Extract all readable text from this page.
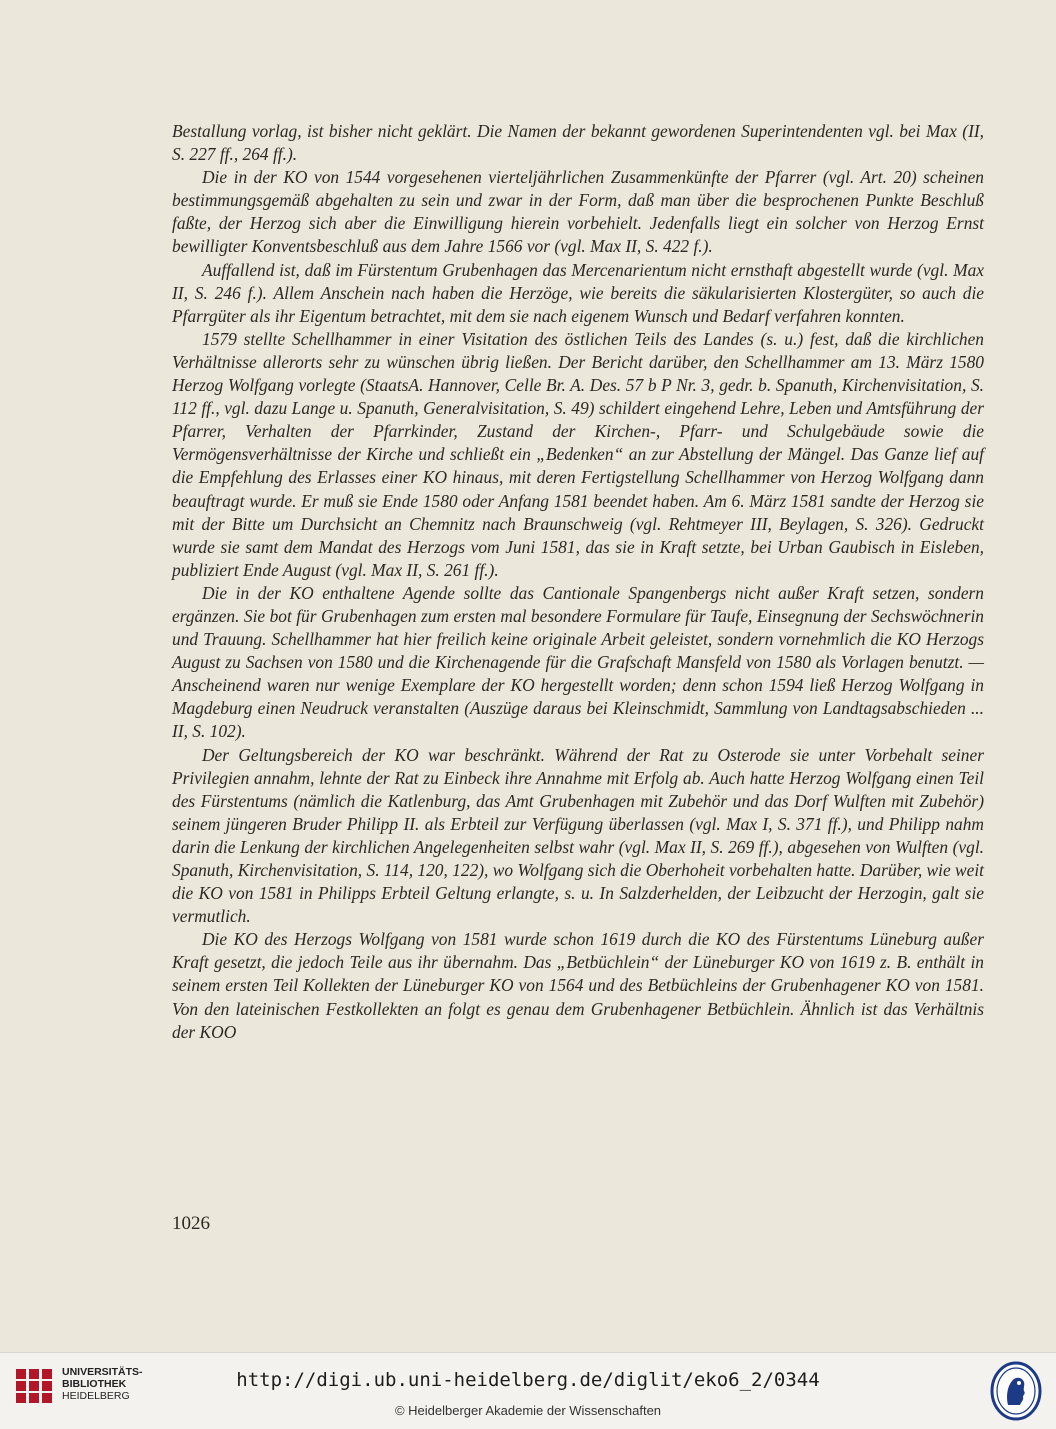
Bestallung vorlag, ist bisher nicht geklärt. Die Namen der bekannt gewordenen Superintendenten vgl. bei Max (II, S. 227 ff., 264 ff.).

Die in der KO von 1544 vorgesehenen vierteljährlichen Zusammenkünfte der Pfarrer (vgl. Art. 20) scheinen bestimmungsgemäß abgehalten zu sein und zwar in der Form, daß man über die besprochenen Punkte Beschluß faßte, der Herzog sich aber die Einwilligung hierein vorbehielt. Jedenfalls liegt ein solcher von Herzog Ernst bewilligter Konventsbeschluß aus dem Jahre 1566 vor (vgl. Max II, S. 422 f.).

Auffallend ist, daß im Fürstentum Grubenhagen das Mercenarientum nicht ernsthaft abgestellt wurde (vgl. Max II, S. 246 f.). Allem Anschein nach haben die Herzöge, wie bereits die säkularisierten Klostergüter, so auch die Pfarrgüter als ihr Eigentum betrachtet, mit dem sie nach eigenem Wunsch und Bedarf verfahren konnten.

1579 stellte Schellhammer in einer Visitation des östlichen Teils des Landes (s. u.) fest, daß die kirchlichen Verhältnisse allerorts sehr zu wünschen übrig ließen. Der Bericht darüber, den Schellhammer am 13. März 1580 Herzog Wolfgang vorlegte (StaatsA. Hannover, Celle Br. A. Des. 57 b P Nr. 3, gedr. b. Spanuth, Kirchenvisitation, S. 112 ff., vgl. dazu Lange u. Spanuth, Generalvisitation, S. 49) schildert eingehend Lehre, Leben und Amtsführung der Pfarrer, Verhalten der Pfarrkinder, Zustand der Kirchen-, Pfarr- und Schulgebäude sowie die Vermögensverhältnisse der Kirche und schließt ein „Bedenken“ an zur Abstellung der Mängel. Das Ganze lief auf die Empfehlung des Erlasses einer KO hinaus, mit deren Fertigstellung Schellhammer von Herzog Wolfgang dann beauftragt wurde. Er muß sie Ende 1580 oder Anfang 1581 beendet haben. Am 6. März 1581 sandte der Herzog sie mit der Bitte um Durchsicht an Chemnitz nach Braunschweig (vgl. Rehtmeyer III, Beylagen, S. 326). Gedruckt wurde sie samt dem Mandat des Herzogs vom Juni 1581, das sie in Kraft setzte, bei Urban Gaubisch in Eisleben, publiziert Ende August (vgl. Max II, S. 261 ff.).

Die in der KO enthaltene Agende sollte das Cantionale Spangenbergs nicht außer Kraft setzen, sondern ergänzen. Sie bot für Grubenhagen zum ersten mal besondere Formulare für Taufe, Einsegnung der Sechswöchnerin und Trauung. Schellhammer hat hier freilich keine originale Arbeit geleistet, sondern vornehmlich die KO Herzogs August zu Sachsen von 1580 und die Kirchenagende für die Grafschaft Mansfeld von 1580 als Vorlagen benutzt. — Anscheinend waren nur wenige Exemplare der KO hergestellt worden; denn schon 1594 ließ Herzog Wolfgang in Magdeburg einen Neudruck veranstalten (Auszüge daraus bei Kleinschmidt, Sammlung von Landtagsabschieden ... II, S. 102).

Der Geltungsbereich der KO war beschränkt. Während der Rat zu Osterode sie unter Vorbehalt seiner Privilegien annahm, lehnte der Rat zu Einbeck ihre Annahme mit Erfolg ab. Auch hatte Herzog Wolfgang einen Teil des Fürstentums (nämlich die Katlenburg, das Amt Grubenhagen mit Zubehör und das Dorf Wulften mit Zubehör) seinem jüngeren Bruder Philipp II. als Erbteil zur Verfügung überlassen (vgl. Max I, S. 371 ff.), und Philipp nahm darin die Lenkung der kirchlichen Angelegenheiten selbst wahr (vgl. Max II, S. 269 ff.), abgesehen von Wulften (vgl. Spanuth, Kirchenvisitation, S. 114, 120, 122), wo Wolfgang sich die Oberhoheit vorbehalten hatte. Darüber, wie weit die KO von 1581 in Philipps Erbteil Geltung erlangte, s. u. In Salzderhelden, der Leibzucht der Herzogin, galt sie vermutlich.

Die KO des Herzogs Wolfgang von 1581 wurde schon 1619 durch die KO des Fürstentums Lüneburg außer Kraft gesetzt, die jedoch Teile aus ihr übernahm. Das „Betbüchlein“ der Lüneburger KO von 1619 z. B. enthält in seinem ersten Teil Kollekten der Lüneburger KO von 1564 und des Betbüchleins der Grubenhagener KO von 1581. Von den lateinischen Festkollekten an folgt es genau dem Grubenhagener Betbüchlein. Ähnlich ist das Verhältnis der KOO

1026
UNIVERSITÄTS-
BIBLIOTHEK
HEIDELBERG
http://digi.ub.uni-heidelberg.de/diglit/eko6_2/0344
© Heidelberger Akademie der Wissenschaften
